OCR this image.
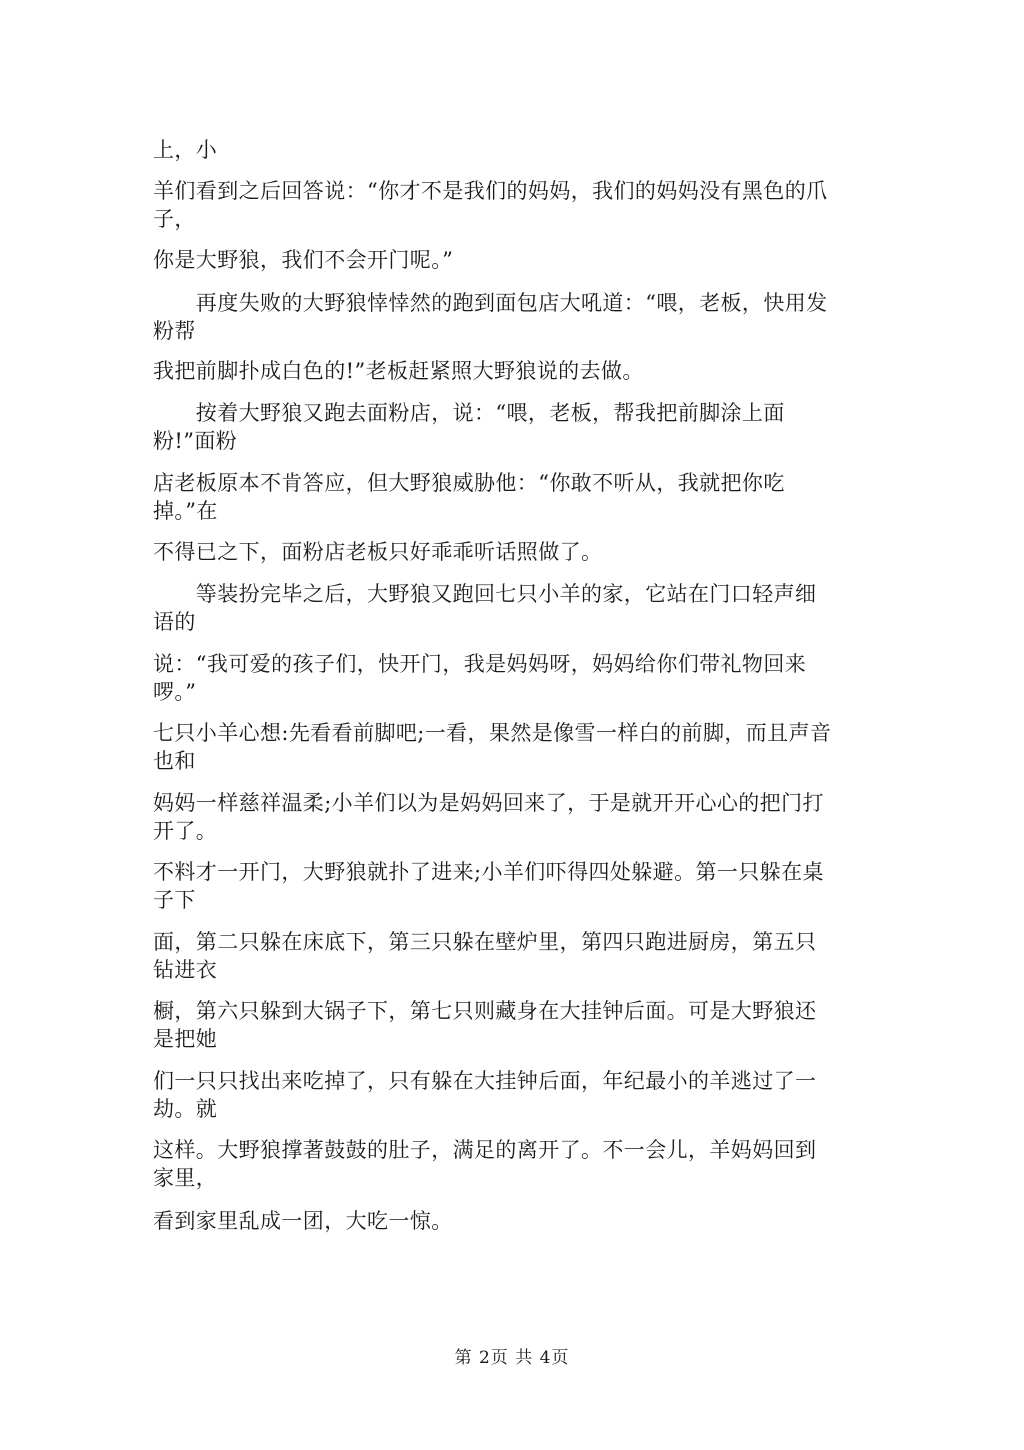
上，小
羊们看到之后回答说：“你才不是我们的妈妈，我们的妈妈没有黑色的爪子，
你是大野狼，我们不会开门呢。”
　　再度失败的大野狼悻悻然的跑到面包店大吼道：“喂，老板，快用发粉帮
我把前脚扑成白色的!”老板赶紧照大野狼说的去做。
　　按着大野狼又跑去面粉店，说：“喂，老板，帮我把前脚涂上面粉!”面粉
店老板原本不肯答应，但大野狼威胁他：“你敢不听从，我就把你吃掉。”在
不得已之下，面粉店老板只好乖乖听话照做了。
　　等装扮完毕之后，大野狼又跑回七只小羊的家，它站在门口轻声细语的
说：“我可爱的孩子们，快开门，我是妈妈呀，妈妈给你们带礼物回来啰。”
七只小羊心想:先看看前脚吧;一看，果然是像雪一样白的前脚，而且声音也和
妈妈一样慈祥温柔;小羊们以为是妈妈回来了，于是就开开心心的把门打开了。
不料才一开门，大野狼就扑了进来;小羊们吓得四处躲避。第一只躲在桌子下
面，第二只躲在床底下，第三只躲在壁炉里，第四只跑进厨房，第五只钻进衣
橱，第六只躲到大锅子下，第七只则藏身在大挂钟后面。可是大野狼还是把她
们一只只找出来吃掉了，只有躲在大挂钟后面，年纪最小的羊逃过了一劫。就
这样。大野狼撑著鼓鼓的肚子，满足的离开了。不一会儿，羊妈妈回到家里，
看到家里乱成一团，大吃一惊。
第 2页 共 4页
